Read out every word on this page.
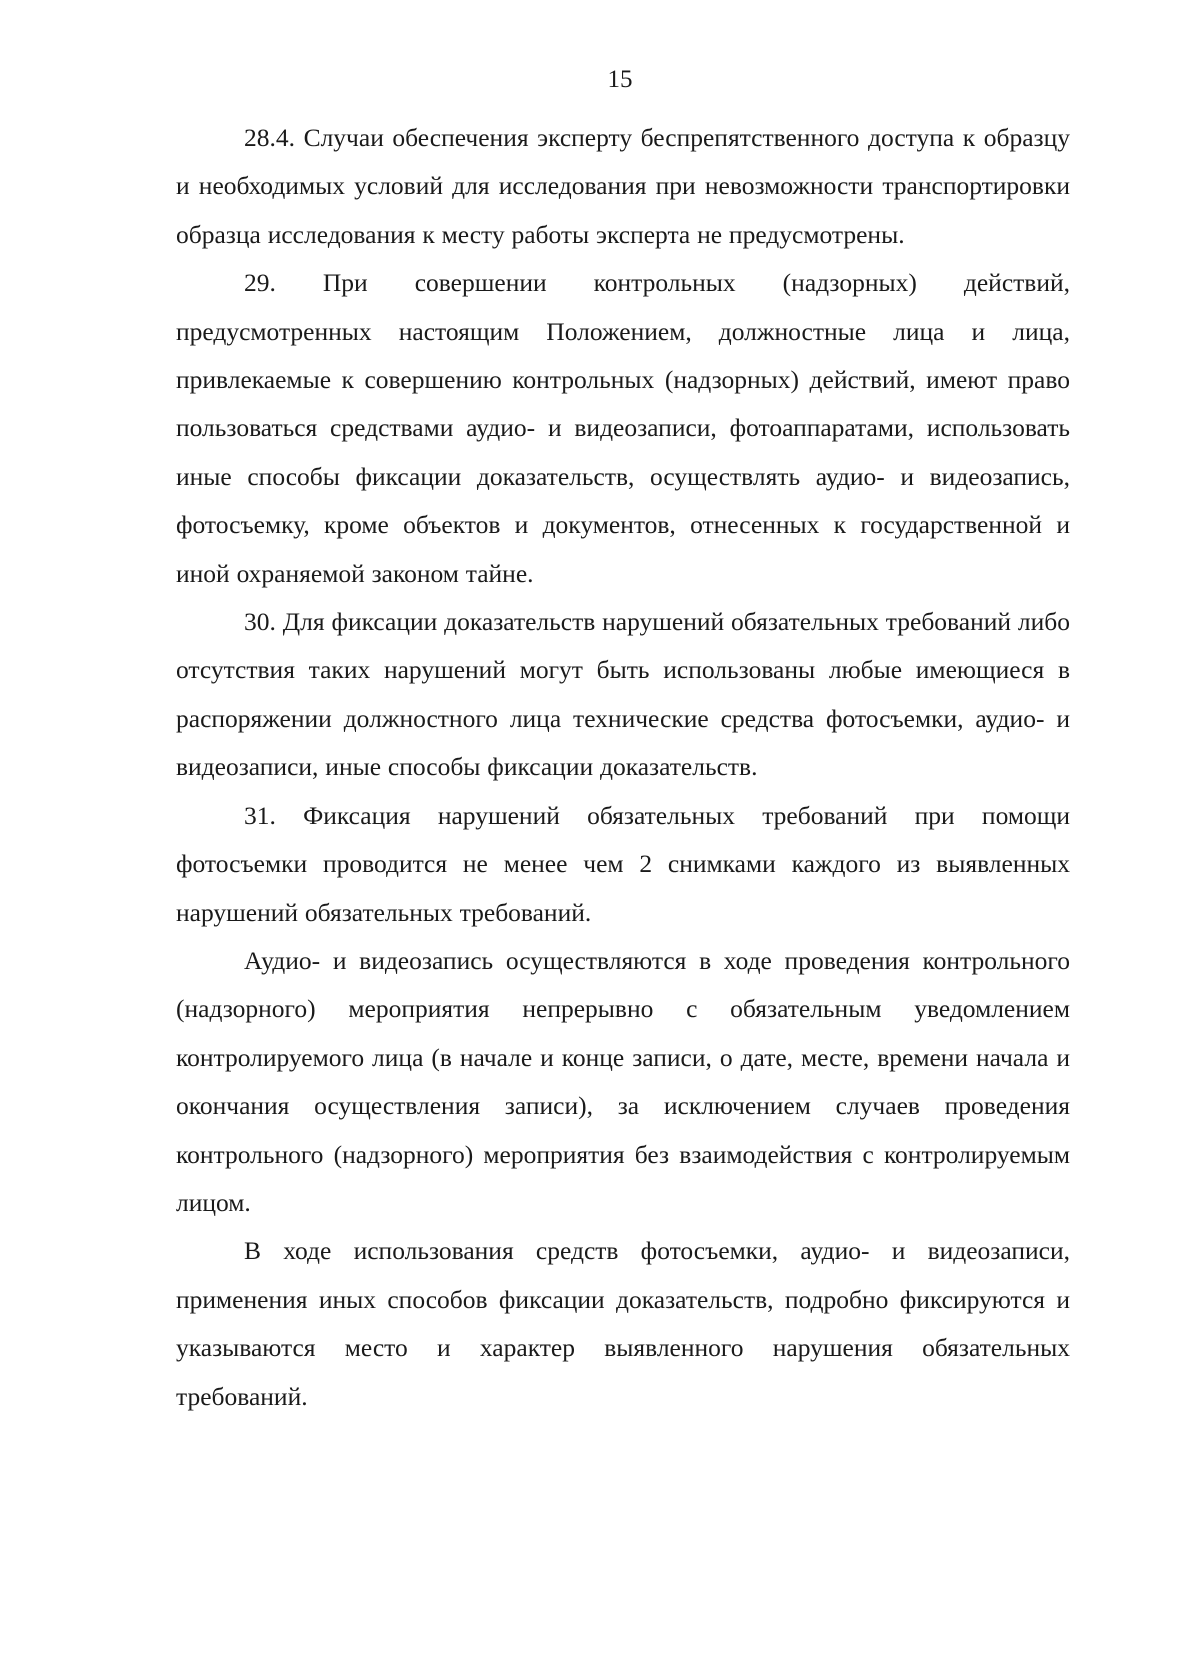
15

28.4. Случаи обеспечения эксперту беспрепятственного доступа к образцу и необходимых условий для исследования при невозможности транспортировки образца исследования к месту работы эксперта не предусмотрены.

29. При совершении контрольных (надзорных) действий, предусмотренных настоящим Положением, должностные лица и лица, привлекаемые к совершению контрольных (надзорных) действий, имеют право пользоваться средствами аудио- и видеозаписи, фотоаппаратами, использовать иные способы фиксации доказательств, осуществлять аудио- и видеозапись, фотосъемку, кроме объектов и документов, отнесенных к государственной и иной охраняемой законом тайне.

30. Для фиксации доказательств нарушений обязательных требований либо отсутствия таких нарушений могут быть использованы любые имеющиеся в распоряжении должностного лица технические средства фотосъемки, аудио- и видеозаписи, иные способы фиксации доказательств.

31. Фиксация нарушений обязательных требований при помощи фотосъемки проводится не менее чем 2 снимками каждого из выявленных нарушений обязательных требований.

Аудио- и видеозапись осуществляются в ходе проведения контрольного (надзорного) мероприятия непрерывно с обязательным уведомлением контролируемого лица (в начале и конце записи, о дате, месте, времени начала и окончания осуществления записи), за исключением случаев проведения контрольного (надзорного) мероприятия без взаимодействия с контролируемым лицом.

В ходе использования средств фотосъемки, аудио- и видеозаписи, применения иных способов фиксации доказательств, подробно фиксируются и указываются место и характер выявленного нарушения обязательных требований.
